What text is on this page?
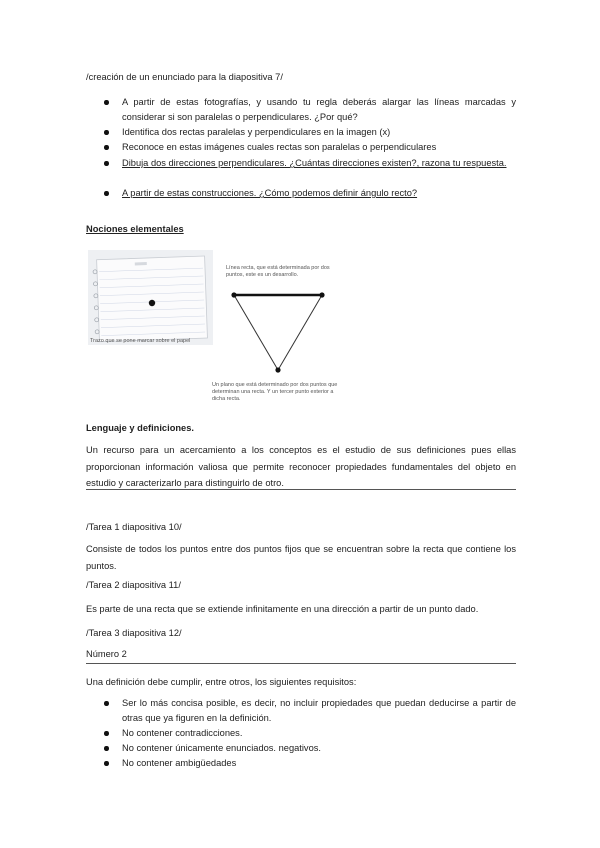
/creación de un enunciado para la diapositiva 7/
A partir de estas fotografías, y usando tu regla deberás alargar las líneas marcadas y considerar si son paralelas o perpendiculares. ¿Por qué?
Identifica dos rectas paralelas y perpendiculares en la imagen (x)
Reconoce en estas imágenes cuales rectas son paralelas o perpendiculares
Dibuja dos direcciones perpendiculares. ¿Cuántas direcciones existen?, razona tu respuesta.
A partir de estas construcciones. ¿Cómo podemos definir ángulo recto?
Nociones elementales
Trazo que se pone marcar sobre el papel
Línea recta, que está determinada por dos puntos, este es un desarrollo.
Un plano que está determinado por dos puntos que determinan una recta. Y un tercer punto exterior a dicha recta.
Lenguaje y definiciones.
Un recurso para un acercamiento a los conceptos es el estudio de sus definiciones pues ellas proporcionan información valiosa que permite reconocer propiedades fundamentales del objeto en estudio y caracterizarlo para distinguirlo de otro.
/Tarea 1 diapositiva 10/
Consiste de todos los puntos entre dos puntos fijos que se encuentran sobre la recta que contiene los puntos.
/Tarea 2 diapositiva 11/
Es parte de una recta que se extiende infinitamente en una dirección a partir de un punto dado.
/Tarea 3 diapositiva 12/
Número 2
Una definición debe cumplir, entre otros, los siguientes requisitos:
Ser lo más concisa posible, es decir, no incluir propiedades que puedan deducirse a partir de otras que ya figuren en la definición.
No contener contradicciones.
No contener únicamente enunciados. negativos.
No contener ambigüedades
